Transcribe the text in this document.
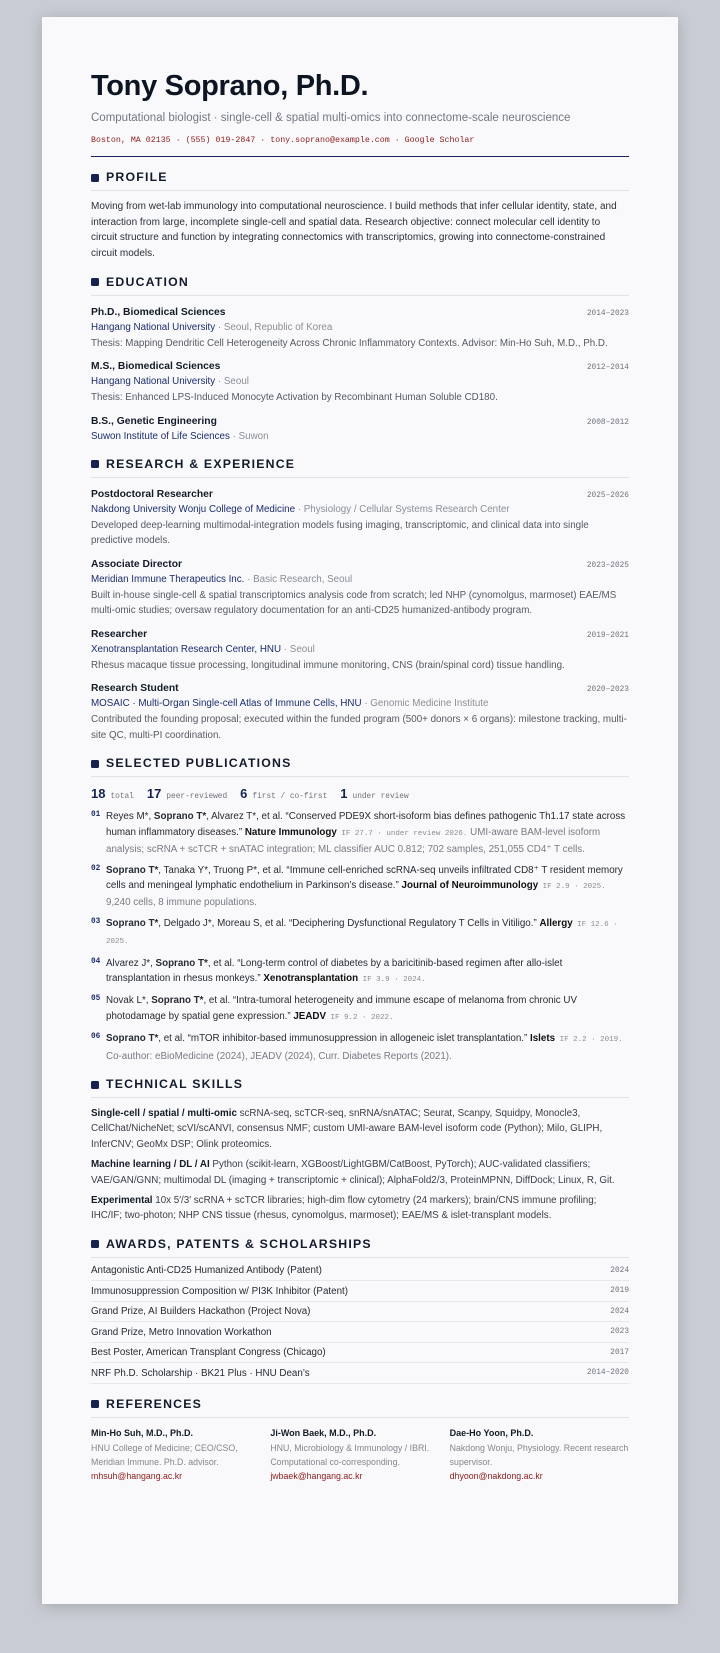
Tony Soprano, Ph.D.
Computational biologist · single-cell & spatial multi-omics into connectome-scale neuroscience
Boston, MA 02135 · (555) 019-2847 · tony.soprano@example.com · Google Scholar
PROFILE

Moving from wet-lab immunology into computational neuroscience. I build methods that infer cellular identity, state, and interaction from large, incomplete single-cell and spatial data. Research objective: connect molecular cell identity to circuit structure and function by integrating connectomics with transcriptomics, growing into connectome-constrained circuit models.

EDUCATION
Ph.D., Biomedical Sciences	2014–2023
Hangang National University · Seoul, Republic of Korea
Thesis: Mapping Dendritic Cell Heterogeneity Across Chronic Inflammatory Contexts. Advisor: Min-Ho Suh, M.D., Ph.D.
M.S., Biomedical Sciences	2012–2014
Hangang National University · Seoul
Thesis: Enhanced LPS-Induced Monocyte Activation by Recombinant Human Soluble CD180.
B.S., Genetic Engineering	2008–2012
Suwon Institute of Life Sciences · Suwon
RESEARCH & EXPERIENCE
Postdoctoral Researcher	2025–2026
Nakdong University Wonju College of Medicine · Physiology / Cellular Systems Research Center
Developed deep-learning multimodal-integration models fusing imaging, transcriptomic, and clinical data into single predictive models.
Associate Director	2023–2025
Meridian Immune Therapeutics Inc. · Basic Research, Seoul
Built in-house single-cell & spatial transcriptomics analysis code from scratch; led NHP (cynomolgus, marmoset) EAE/MS multi-omic studies; oversaw regulatory documentation for an anti-CD25 humanized-antibody program.
Researcher	2019–2021
Xenotransplantation Research Center, HNU · Seoul
Rhesus macaque tissue processing, longitudinal immune monitoring, CNS (brain/spinal cord) tissue handling.
Research Student	2020–2023
MOSAIC · Multi-Organ Single-cell Atlas of Immune Cells, HNU · Genomic Medicine Institute
Contributed the founding proposal; executed within the funded program (500+ donors × 6 organs): milestone tracking, multi-site QC, multi-PI coordination.
SELECTED PUBLICATIONS
18 total 17 peer-reviewed 6 first / co-first 1 under review
01 Reyes M*, Soprano T*, Alvarez T*, et al. “Conserved PDE9X short-isoform bias defines pathogenic Th1.17 state across human inflammatory diseases.” Nature Immunology IF 27.7 · under review 2026. UMI-aware BAM-level isoform analysis; scRNA + scTCR + snATAC integration; ML classifier AUC 0.812; 702 samples, 251,055 CD4⁺ T cells.
02 Soprano T*, Tanaka Y*, Truong P*, et al. “Immune cell-enriched scRNA-seq unveils infiltrated CD8⁺ T resident memory cells and meningeal lymphatic endothelium in Parkinson’s disease.” Journal of Neuroimmunology IF 2.9 · 2025. 9,240 cells, 8 immune populations.
03 Soprano T*, Delgado J*, Moreau S, et al. “Deciphering Dysfunctional Regulatory T Cells in Vitiligo.” Allergy IF 12.6 · 2025.
04 Alvarez J*, Soprano T*, et al. “Long-term control of diabetes by a baricitinib-based regimen after allo-islet transplantation in rhesus monkeys.” Xenotransplantation IF 3.9 · 2024.
05 Novak L*, Soprano T*, et al. “Intra-tumoral heterogeneity and immune escape of melanoma from chronic UV photodamage by spatial gene expression.” JEADV IF 9.2 · 2022.
06 Soprano T*, et al. “mTOR inhibitor-based immunosuppression in allogeneic islet transplantation.” Islets IF 2.2 · 2019. Co-author: eBioMedicine (2024), JEADV (2024), Curr. Diabetes Reports (2021).
TECHNICAL SKILLS
Single-cell / spatial / multi-omic scRNA-seq, scTCR-seq, snRNA/snATAC; Seurat, Scanpy, Squidpy, Monocle3, CellChat/NicheNet; scVI/scANVI, consensus NMF; custom UMI-aware BAM-level isoform code (Python); Milo, GLIPH, InferCNV; GeoMx DSP; Olink proteomics.
Machine learning / DL / AI Python (scikit-learn, XGBoost/LightGBM/CatBoost, PyTorch); AUC-validated classifiers; VAE/GAN/GNN; multimodal DL (imaging + transcriptomic + clinical); AlphaFold2/3, ProteinMPNN, DiffDock; Linux, R, Git.
Experimental 10x 5′/3′ scRNA + scTCR libraries; high-dim flow cytometry (24 markers); brain/CNS immune profiling; IHC/IF; two-photon; NHP CNS tissue (rhesus, cynomolgus, marmoset); EAE/MS & islet-transplant models.
AWARDS, PATENTS & SCHOLARSHIPS
Antagonistic Anti-CD25 Humanized Antibody (Patent)	2024
Immunosuppression Composition w/ PI3K Inhibitor (Patent)	2019
Grand Prize, AI Builders Hackathon (Project Nova)	2024
Grand Prize, Metro Innovation Workathon	2023
Best Poster, American Transplant Congress (Chicago)	2017
NRF Ph.D. Scholarship · BK21 Plus · HNU Dean’s	2014–2020
REFERENCES
Min-Ho Suh, M.D., Ph.D.
HNU College of Medicine; CEO/CSO, Meridian Immune. Ph.D. advisor.
mhsuh@hangang.ac.kr
Ji-Won Baek, M.D., Ph.D.
HNU, Microbiology & Immunology / IBRI. Computational co-corresponding.
jwbaek@hangang.ac.kr
Dae-Ho Yoon, Ph.D.
Nakdong Wonju, Physiology. Recent research supervisor.
dhyoon@nakdong.ac.kr
